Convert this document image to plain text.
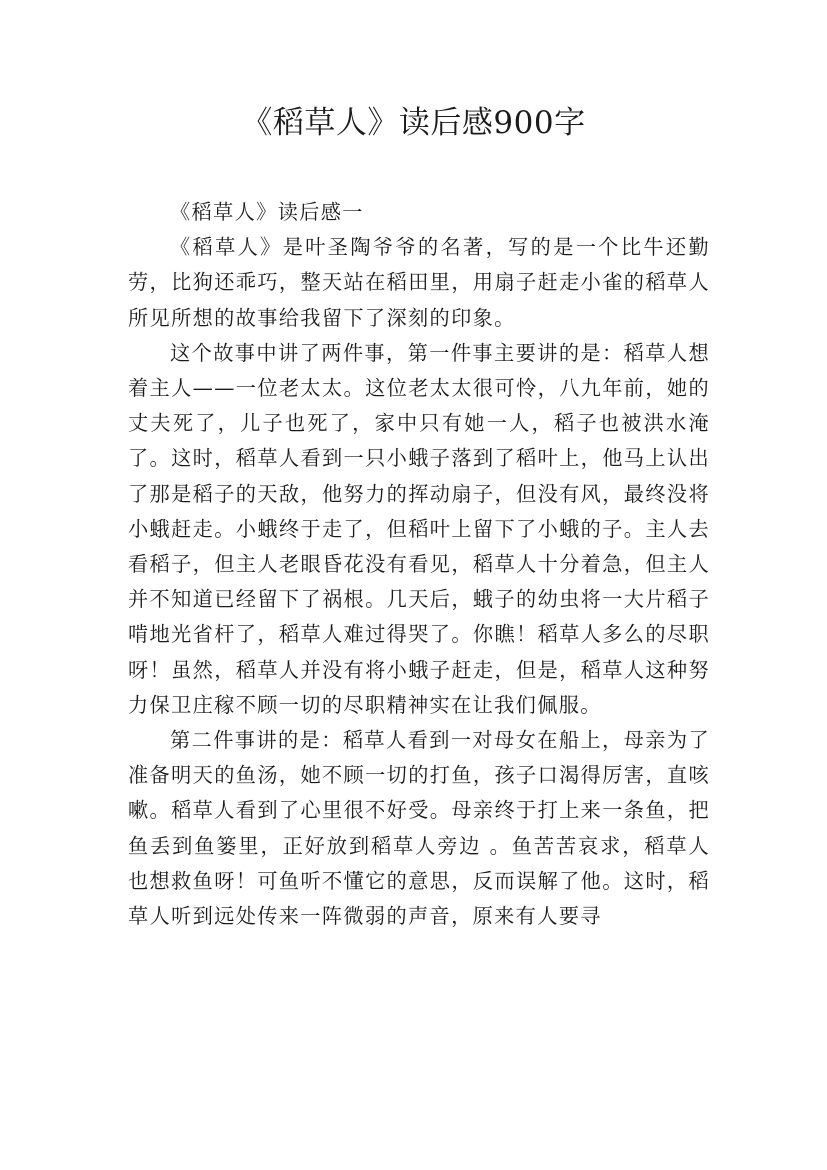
《稻草人》读后感900字

《稻草人》读后感一

《稻草人》是叶圣陶爷爷的名著，写的是一个比牛还勤劳，比狗还乖巧，整天站在稻田里，用扇子赶走小雀的稻草人所见所想的故事给我留下了深刻的印象。

这个故事中讲了两件事，第一件事主要讲的是：稻草人想着主人——一位老太太。这位老太太很可怜，八九年前，她的丈夫死了，儿子也死了，家中只有她一人，稻子也被洪水淹了。这时，稻草人看到一只小蛾子落到了稻叶上，他马上认出了那是稻子的天敌，他努力的挥动扇子，但没有风，最终没将小蛾赶走。小蛾终于走了，但稻叶上留下了小蛾的子。主人去看稻子，但主人老眼昏花没有看见，稻草人十分着急，但主人并不知道已经留下了祸根。几天后，蛾子的幼虫将一大片稻子啃地光省杆了，稻草人难过得哭了。你瞧！稻草人多么的尽职呀！虽然，稻草人并没有将小蛾子赶走，但是，稻草人这种努力保卫庄稼不顾一切的尽职精神实在让我们佩服。

第二件事讲的是：稻草人看到一对母女在船上，母亲为了准备明天的鱼汤，她不顾一切的打鱼，孩子口渴得厉害，直咳嗽。稻草人看到了心里很不好受。母亲终于打上来一条鱼，把鱼丢到鱼篓里，正好放到稻草人旁边 。鱼苦苦哀求，稻草人也想救鱼呀！可鱼听不懂它的意思，反而误解了他。这时，稻草人听到远处传来一阵微弱的声音，原来有人要寻
